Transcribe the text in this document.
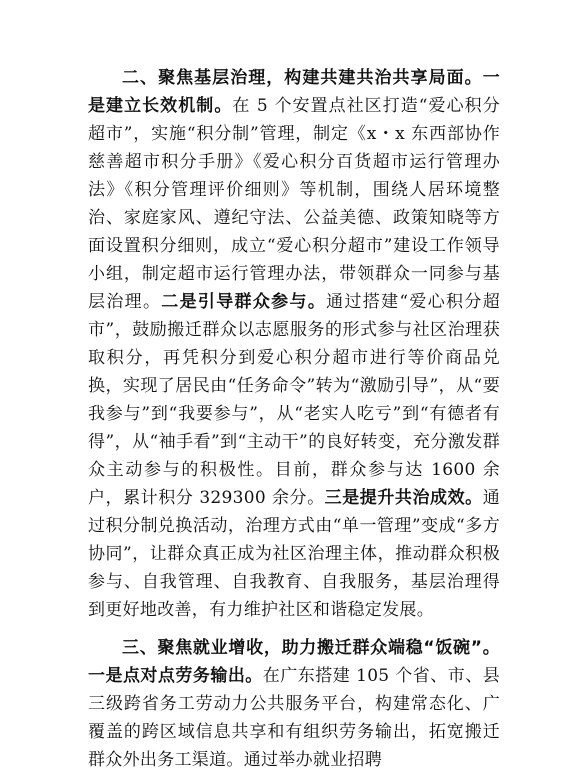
二、聚焦基层治理，构建共建共治共享局面。一是建立长效机制。在 5 个安置点社区打造“爱心积分超市”，实施“积分制”管理，制定《x・x 东西部协作慈善超市积分手册》《爱心积分百货超市运行管理办法》《积分管理评价细则》等机制，围绕人居环境整治、家庭家风、遵纪守法、公益美德、政策知晓等方面设置积分细则，成立“爱心积分超市”建设工作领导小组，制定超市运行管理办法，带领群众一同参与基层治理。二是引导群众参与。通过搭建“爱心积分超市”，鼓励搬迁群众以志愿服务的形式参与社区治理获取积分，再凭积分到爱心积分超市进行等价商品兑换，实现了居民由“任务命令”转为“激励引导”，从“要我参与”到“我要参与”，从“老实人吃亏”到“有德者有得”，从“袖手看”到“主动干”的良好转变，充分激发群众主动参与的积极性。目前，群众参与达 1600 余户，累计积分 329300 余分。三是提升共治成效。通过积分制兑换活动，治理方式由“单一管理”变成“多方协同”，让群众真正成为社区治理主体，推动群众积极参与、自我管理、自我教育、自我服务，基层治理得到更好地改善，有力维护社区和谐稳定发展。

三、聚焦就业增收，助力搬迁群众端稳“饭碗”。一是点对点劳务输出。在广东搭建 105 个省、市、县三级跨省务工劳动力公共服务平台，构建常态化、广覆盖的跨区域信息共享和有组织劳务输出，拓宽搬迁群众外出务工渠道。通过举办就业招聘
